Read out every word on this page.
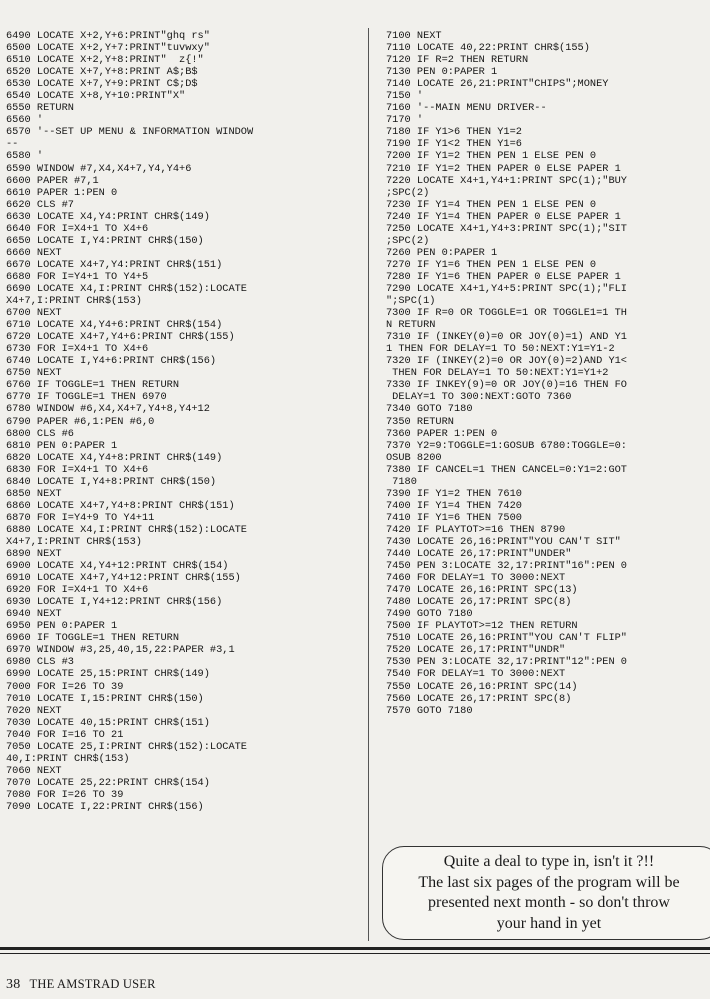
6490 LOCATE X+2,Y+6:PRINT"ghq rs"
6500 LOCATE X+2,Y+7:PRINT"tuvwxy"
6510 LOCATE X+2,Y+8:PRINT"  z{!"
6520 LOCATE X+7,Y+8:PRINT A$;B$
6530 LOCATE X+7,Y+9:PRINT C$;D$
6540 LOCATE X+8,Y+10:PRINT"X"
6550 RETURN
6560 '
6570 '--SET UP MENU & INFORMATION WINDOW
--
6580 '
6590 WINDOW #7,X4,X4+7,Y4,Y4+6
6600 PAPER #7,1
6610 PAPER 1:PEN 0
6620 CLS #7
6630 LOCATE X4,Y4:PRINT CHR$(149)
6640 FOR I=X4+1 TO X4+6
6650 LOCATE I,Y4:PRINT CHR$(150)
6660 NEXT
6670 LOCATE X4+7,Y4:PRINT CHR$(151)
6680 FOR I=Y4+1 TO Y4+5
6690 LOCATE X4,I:PRINT CHR$(152):LOCATE
X4+7,I:PRINT CHR$(153)
6700 NEXT
6710 LOCATE X4,Y4+6:PRINT CHR$(154)
6720 LOCATE X4+7,Y4+6:PRINT CHR$(155)
6730 FOR I=X4+1 TO X4+6
6740 LOCATE I,Y4+6:PRINT CHR$(156)
6750 NEXT
6760 IF TOGGLE=1 THEN RETURN
6770 IF TOGGLE=1 THEN 6970
6780 WINDOW #6,X4,X4+7,Y4+8,Y4+12
6790 PAPER #6,1:PEN #6,0
6800 CLS #6
6810 PEN 0:PAPER 1
6820 LOCATE X4,Y4+8:PRINT CHR$(149)
6830 FOR I=X4+1 TO X4+6
6840 LOCATE I,Y4+8:PRINT CHR$(150)
6850 NEXT
6860 LOCATE X4+7,Y4+8:PRINT CHR$(151)
6870 FOR I=Y4+9 TO Y4+11
6880 LOCATE X4,I:PRINT CHR$(152):LOCATE
X4+7,I:PRINT CHR$(153)
6890 NEXT
6900 LOCATE X4,Y4+12:PRINT CHR$(154)
6910 LOCATE X4+7,Y4+12:PRINT CHR$(155)
6920 FOR I=X4+1 TO X4+6
6930 LOCATE I,Y4+12:PRINT CHR$(156)
6940 NEXT
6950 PEN 0:PAPER 1
6960 IF TOGGLE=1 THEN RETURN
6970 WINDOW #3,25,40,15,22:PAPER #3,1
6980 CLS #3
6990 LOCATE 25,15:PRINT CHR$(149)
7000 FOR I=26 TO 39
7010 LOCATE I,15:PRINT CHR$(150)
7020 NEXT
7030 LOCATE 40,15:PRINT CHR$(151)
7040 FOR I=16 TO 21
7050 LOCATE 25,I:PRINT CHR$(152):LOCATE
40,I:PRINT CHR$(153)
7060 NEXT
7070 LOCATE 25,22:PRINT CHR$(154)
7080 FOR I=26 TO 39
7090 LOCATE I,22:PRINT CHR$(156)
7100 NEXT
7110 LOCATE 40,22:PRINT CHR$(155)
7120 IF R=2 THEN RETURN
7130 PEN 0:PAPER 1
7140 LOCATE 26,21:PRINT"CHIPS";MONEY
7150 '
7160 '--MAIN MENU DRIVER--
7170 '
7180 IF Y1>6 THEN Y1=2
7190 IF Y1<2 THEN Y1=6
7200 IF Y1=2 THEN PEN 1 ELSE PEN 0
7210 IF Y1=2 THEN PAPER 0 ELSE PAPER 1
7220 LOCATE X4+1,Y4+1:PRINT SPC(1);"BUY
;SPC(2)
7230 IF Y1=4 THEN PEN 1 ELSE PEN 0
7240 IF Y1=4 THEN PAPER 0 ELSE PAPER 1
7250 LOCATE X4+1,Y4+3:PRINT SPC(1);"SIT
;SPC(2)
7260 PEN 0:PAPER 1
7270 IF Y1=6 THEN PEN 1 ELSE PEN 0
7280 IF Y1=6 THEN PAPER 0 ELSE PAPER 1
7290 LOCATE X4+1,Y4+5:PRINT SPC(1);"FLI
";SPC(1)
7300 IF R=0 OR TOGGLE=1 OR TOGGLE1=1 TH
N RETURN
7310 IF (INKEY(0)=0 OR JOY(0)=1) AND Y1
1 THEN FOR DELAY=1 TO 50:NEXT:Y1=Y1-2
7320 IF (INKEY(2)=0 OR JOY(0)=2)AND Y1<
THEN FOR DELAY=1 TO 50:NEXT:Y1=Y1+2
7330 IF INKEY(9)=0 OR JOY(0)=16 THEN FO
DELAY=1 TO 300:NEXT:GOTO 7360
7340 GOTO 7180
7350 RETURN
7360 PAPER 1:PEN 0
7370 Y2=9:TOGGLE=1:GOSUB 6780:TOGGLE=0:
OSUB 8200
7380 IF CANCEL=1 THEN CANCEL=0:Y1=2:GOT
7180
7390 IF Y1=2 THEN 7610
7400 IF Y1=4 THEN 7420
7410 IF Y1=6 THEN 7500
7420 IF PLAYTOT>=16 THEN 8790
7430 LOCATE 26,16:PRINT"YOU CAN'T SIT"
7440 LOCATE 26,17:PRINT"UNDER"
7450 PEN 3:LOCATE 32,17:PRINT"16":PEN 0
7460 FOR DELAY=1 TO 3000:NEXT
7470 LOCATE 26,16:PRINT SPC(13)
7480 LOCATE 26,17:PRINT SPC(8)
7490 GOTO 7180
7500 IF PLAYTOT>=12 THEN RETURN
7510 LOCATE 26,16:PRINT"YOU CAN'T FLIP"
7520 LOCATE 26,17:PRINT"UNDR"
7530 PEN 3:LOCATE 32,17:PRINT"12":PEN 0
7540 FOR DELAY=1 TO 3000:NEXT
7550 LOCATE 26,16:PRINT SPC(14)
7560 LOCATE 26,17:PRINT SPC(8)
7570 GOTO 7180
Quite a deal to type in, isn't it ?!!
The last six pages of the program will be
presented next month - so don't throw
your hand in yet
38 THE AMSTRAD USER
